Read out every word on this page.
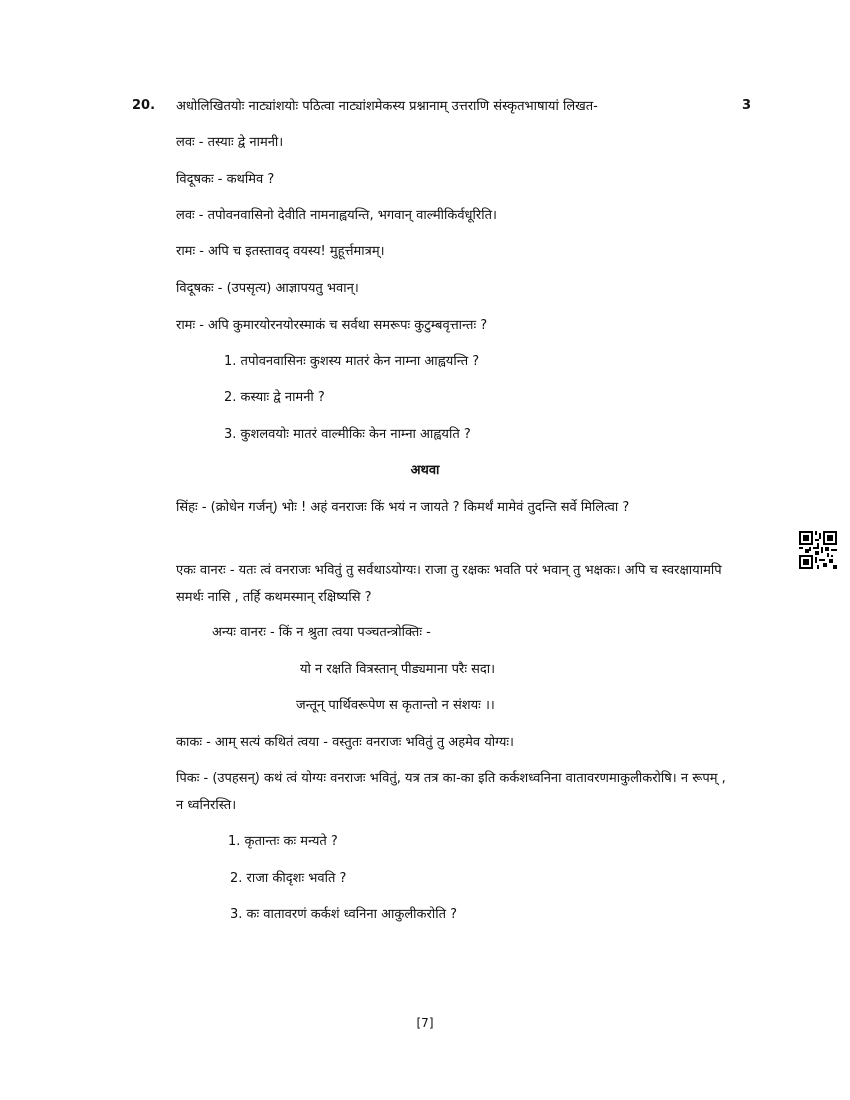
20. अधोलिखितयोः नाट्यांशयोः पठित्वा नाट्यांशमेकस्य प्रश्नानाम् उत्तराणि संस्कृतभाषायां लिखत-	3
लवः - तस्याः द्वे नामनी।
विदूषकः - कथमिव ?
लवः - तपोवनवासिनो देवीति नामनाह्वयन्ति, भगवान् वाल्मीकिर्वधूरिति।
रामः - अपि च इतस्तावद् वयस्य! मुहूर्त्तमात्रम्।
विदूषकः - (उपसृत्य) आज्ञापयतु भवान्।
रामः - अपि कुमारयोरनयोरस्माकं च सर्वथा समरूपः कुटुम्बवृत्तान्तः ?
1. तपोवनवासिनः कुशस्य मातरं केन नाम्ना आह्वयन्ति ?
2. कस्याः द्वे नामनी ?
3. कुशलवयोः मातरं वाल्मीकिः केन नाम्ना आह्वयति ?
अथवा
सिंहः - (क्रोधेन गर्जन्) भोः ! अहं वनराजः किं भयं न जायते ? किमर्थं मामेवं तुदन्ति सर्वे मिलित्वा ?
एकः वानरः - यतः त्वं वनराजः भवितुं तु सर्वथाऽयोग्यः। राजा तु रक्षकः भवति परं भवान् तु भक्षकः। अपि च स्वरक्षायामपि समर्थः नासि , तर्हि कथमस्मान् रक्षिष्यसि ?
अन्यः वानरः - किं न श्रुता त्वया पञ्चतन्त्रोक्तिः -
यो न रक्षति वित्रस्तान् पीड्यमाना परैः सदा।
जन्तून् पार्थिवरूपेण स कृतान्तो न संशयः ।।
काकः - आम् सत्यं कथितं त्वया - वस्तुतः वनराजः भवितुं तु अहमेव योग्यः।
पिकः - (उपहसन्) कथं त्वं योग्यः वनराजः भवितुं, यत्र तत्र का-का इति कर्कशध्वनिना वातावरणमाकुलीकरोषि। न रूपम् , न ध्वनिरस्ति।
1. कृतान्तः कः मन्यते ?
2. राजा कीदृशः भवति ?
3. कः वातावरणं कर्कशं ध्वनिना आकुलीकरोति ?
[7]
